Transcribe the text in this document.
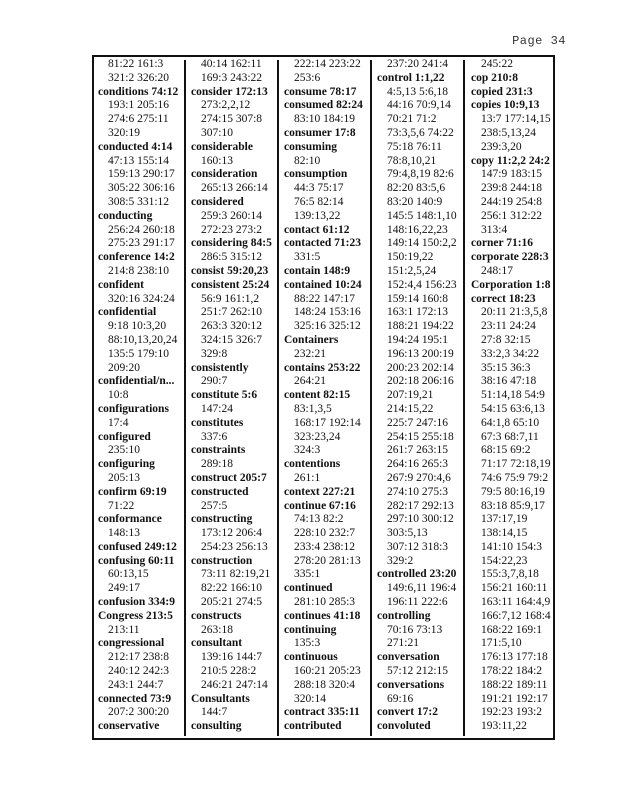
Page 34
81:22 161:3
321:2 326:20
conditions 74:12
193:1 205:16
274:6 275:11
320:19
conducted 4:14
47:13 155:14
159:13 290:17
305:22 306:16
308:5 331:12
conducting
256:24 260:18
275:23 291:17
conference 14:2
214:8 238:10
confident
320:16 324:24
confidential
9:18 10:3,20
88:10,13,20,24
135:5 179:10
209:20
confidential/n...
10:8
configurations
17:4
configured
235:10
configuring
205:13
confirm 69:19
71:22
conformance
148:13
confused 249:12
confusing 60:11
60:13,15
249:17
confusion 334:9
Congress 213:5
213:11
congressional
212:17 238:8
240:12 242:3
243:1 244:7
connected 73:9
207:2 300:20
conservative
40:14 162:11
169:3 243:22
consider 172:13
273:2,2,12
274:15 307:8
307:10
considerable
160:13
consideration
265:13 266:14
considered
259:3 260:14
272:23 273:2
considering 84:5
286:5 315:12
consist 59:20,23
consistent 25:24
56:9 161:1,2
251:7 262:10
263:3 320:12
324:15 326:7
329:8
consistently
290:7
constitute 5:6
147:24
constitutes
337:6
constraints
289:18
construct 205:7
constructed
257:5
constructing
173:12 206:4
254:23 256:13
construction
73:11 82:19,21
82:22 166:10
205:21 274:5
constructs
263:18
consultant
139:16 144:7
210:5 228:2
246:21 247:14
Consultants
144:7
consulting
222:14 223:22
253:6
consume 78:17
consumed 82:24
83:10 184:19
consumer 17:8
consuming
82:10
consumption
44:3 75:17
76:5 82:14
139:13,22
contact 61:12
contacted 71:23
331:5
contain 148:9
contained 10:24
88:22 147:17
148:24 153:16
325:16 325:12
Containers
232:21
contains 253:22
264:21
content 82:15
83:1,3,5
168:17 192:14
323:23,24
324:3
contentions
261:1
context 227:21
continue 67:16
74:13 82:2
228:10 232:7
233:4 238:12
278:20 281:13
335:1
continued
281:10 285:3
continues 41:18
continuing
135:3
continuous
160:21 205:23
288:18 320:4
320:14
contract 335:11
contributed
237:20 241:4
control 1:1,22
4:5,13 5:6,18
44:16 70:9,14
70:21 71:2
73:3,5,6 74:22
75:18 76:11
78:8,10,21
79:4,8,19 82:6
82:20 83:5,6
83:20 140:9
145:5 148:1,10
148:16,22,23
149:14 150:2,2
150:19,22
151:2,5,24
152:4,4 156:23
159:14 160:8
163:1 172:13
188:21 194:22
194:24 195:1
196:13 200:19
200:23 202:14
202:18 206:16
207:19,21
214:15,22
225:7 247:16
254:15 255:18
261:7 263:15
264:16 265:3
267:9 270:4,6
274:10 275:3
282:17 292:13
297:10 300:12
303:5,13
307:12 318:3
329:2
controlled 23:20
149:6,11 196:4
196:11 222:6
controlling
70:16 73:13
271:21
conversation
57:12 212:15
conversations
69:16
convert 17:2
convoluted
245:22
cop 210:8
copied 231:3
copies 10:9,13
13:7 177:14,15
238:5,13,24
239:3,20
copy 11:2,2 24:2
147:9 183:15
239:8 244:18
244:19 254:8
256:1 312:22
313:4
corner 71:16
corporate 228:3
248:17
Corporation 1:8
correct 18:23
20:11 21:3,5,8
23:11 24:24
27:8 32:15
33:2,3 34:22
35:15 36:3
38:16 47:18
51:14,18 54:9
54:15 63:6,13
64:1,8 65:10
67:3 68:7,11
68:15 69:2
71:17 72:18,19
74:6 75:9 79:2
79:5 80:16,19
83:18 85:9,17
137:17,19
138:14,15
141:10 154:3
154:22,23
155:3,7,8,18
156:21 160:11
163:11 164:4,9
166:7,12 168:4
168:22 169:1
171:5,10
176:13 177:18
178:22 184:2
188:22 189:11
191:21 192:17
192:23 193:2
193:11,22
